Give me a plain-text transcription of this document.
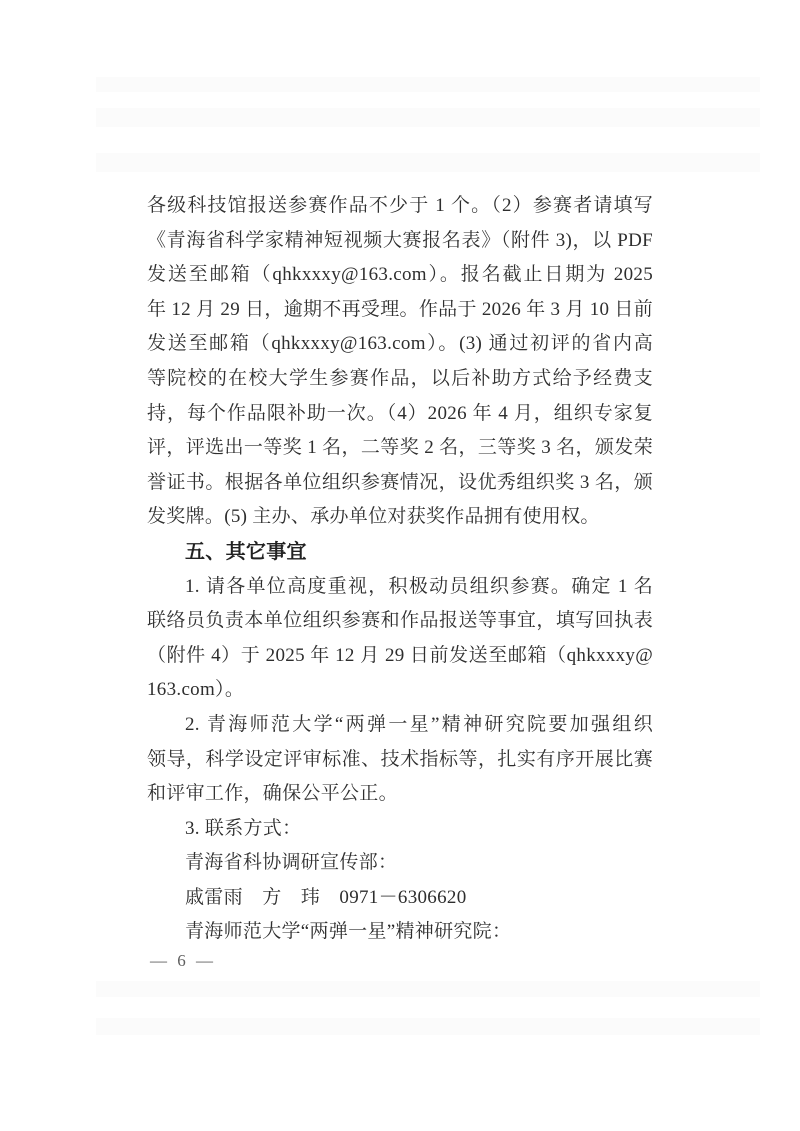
各级科技馆报送参赛作品不少于 1 个。（2）参赛者请填写
《青海省科学家精神短视频大赛报名表》（附件 3)，以 PDF
发送至邮箱（qhkxxxy@163.com）。报名截止日期为 2025
年 12 月 29 日，逾期不再受理。作品于 2026 年 3 月 10 日前
发送至邮箱（qhkxxxy@163.com）。(3) 通过初评的省内高
等院校的在校大学生参赛作品，以后补助方式给予经费支
持，每个作品限补助一次。（4）2026 年 4 月，组织专家复
评，评选出一等奖 1 名，二等奖 2 名，三等奖 3 名，颁发荣
誉证书。根据各单位组织参赛情况，设优秀组织奖 3 名，颁
发奖牌。(5) 主办、承办单位对获奖作品拥有使用权。
五、其它事宜
1. 请各单位高度重视，积极动员组织参赛。确定 1 名
联络员负责本单位组织参赛和作品报送等事宜，填写回执表
（附件 4）于 2025 年 12 月 29 日前发送至邮箱（qhkxxxy@
163.com）。
2. 青海师范大学“两弹一星”精神研究院要加强组织
领导，科学设定评审标准、技术指标等，扎实有序开展比赛
和评审工作，确保公平公正。
3. 联系方式：
青海省科协调研宣传部：
戚雷雨　方　玮　0971－6306620
青海师范大学“两弹一星”精神研究院：
— 6 —
